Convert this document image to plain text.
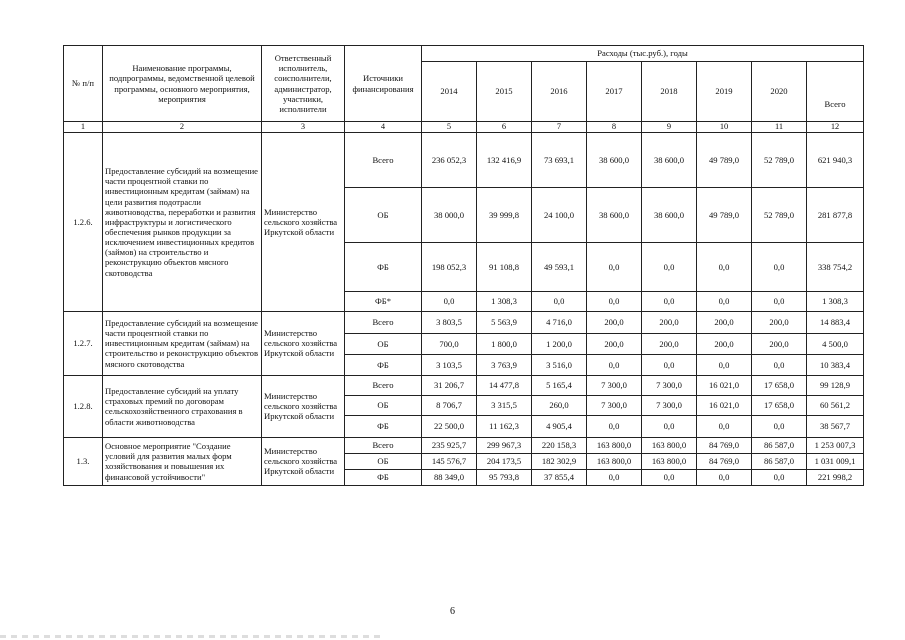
№ п/п	Наименование программы, подпрограммы, ведомственной целевой программы, основного мероприятия, мероприятия	Ответственный исполнитель, соисполнители, администратор, участники, исполнители	Источники финансирования	Расходы (тыс.руб.), годы							
				2014	2015	2016	2017	2018	2019	2020	Всего
1	2	3	4	5	6	7	8	9	10	11	12
1.2.6.	Предоставление субсидий на возмещение части процентной ставки по инвестиционным кредитам (займам) на цели развития подотрасли животноводства, переработки и развития инфраструктуры и логистического обеспечения рынков продукции за исключением инвестиционных кредитов (займов) на строительство и реконструкцию объектов мясного скотоводства	Министерство сельского хозяйства Иркутской области	Всего	236 052,3	132 416,9	73 693,1	38 600,0	38 600,0	49 789,0	52 789,0	621 940,3
			ОБ	38 000,0	39 999,8	24 100,0	38 600,0	38 600,0	49 789,0	52 789,0	281 877,8
			ФБ	198 052,3	91 108,8	49 593,1	0,0	0,0	0,0	0,0	338 754,2
			ФБ*	0,0	1 308,3	0,0	0,0	0,0	0,0	0,0	1 308,3
1.2.7.	Предоставление субсидий на возмещение части процентной ставки по инвестиционным кредитам (займам) на строительство и реконструкцию объектов мясного скотоводства	Министерство сельского хозяйства Иркутской области	Всего	3 803,5	5 563,9	4 716,0	200,0	200,0	200,0	200,0	14 883,4
			ОБ	700,0	1 800,0	1 200,0	200,0	200,0	200,0	200,0	4 500,0
			ФБ	3 103,5	3 763,9	3 516,0	0,0	0,0	0,0	0,0	10 383,4
1.2.8.	Предоставление субсидий на уплату страховых премий по договорам сельскохозяйственного страхования в области животноводства	Министерство сельского хозяйства Иркутской области	Всего	31 206,7	14 477,8	5 165,4	7 300,0	7 300,0	16 021,0	17 658,0	99 128,9
			ОБ	8 706,7	3 315,5	260,0	7 300,0	7 300,0	16 021,0	17 658,0	60 561,2
			ФБ	22 500,0	11 162,3	4 905,4	0,0	0,0	0,0	0,0	38 567,7
1.3.	Основное мероприятие "Создание условий для развития малых форм хозяйствования и повышения их финансовой устойчивости"	Министерство сельского хозяйства Иркутской области	Всего	235 925,7	299 967,3	220 158,3	163 800,0	163 800,0	84 769,0	86 587,0	1 253 007,3
			ОБ	145 576,7	204 173,5	182 302,9	163 800,0	163 800,0	84 769,0	86 587,0	1 031 009,1
			ФБ	88 349,0	95 793,8	37 855,4	0,0	0,0	0,0	0,0	221 998,2
6
